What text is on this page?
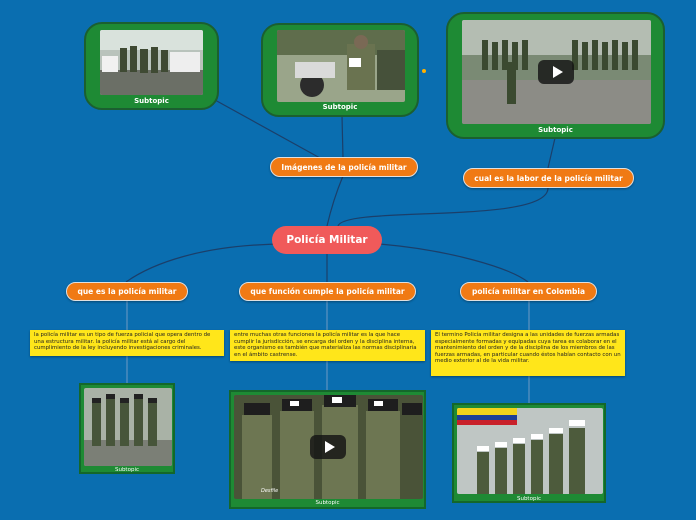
Policía Militar
Imágenes de la policía militar
cual es la labor de la policía militar
que es la policía militar	que función cumple la policía militar	policía militar en Colombia
la policía militar es un tipo de fuerza policial que opera dentro de una estructura militar. la policía militar está al cargo del cumplimiento de la ley incluyendo investigaciones criminales.
entre muchas otras funciones la policía militar es la que hace cumplir la jurisdicción, se encarga del orden y la disciplina interna, este organismo es también que materializa las normas disciplinaria en el ámbito castrense.
El termino Policía militar designa a las unidades de fuerzas armadas especialmente formadas y equipadas cuya tarea es colaborar en el mantenimiento del orden y de la disciplina de los miembros de las fuerzas armadas, en particular cuando éstos habían contacto con un medio exterior al de la vida militar.
Subtopic
Subtopic
Subtopic
Subtopic
Desfile
Subtopic
Subtopic
